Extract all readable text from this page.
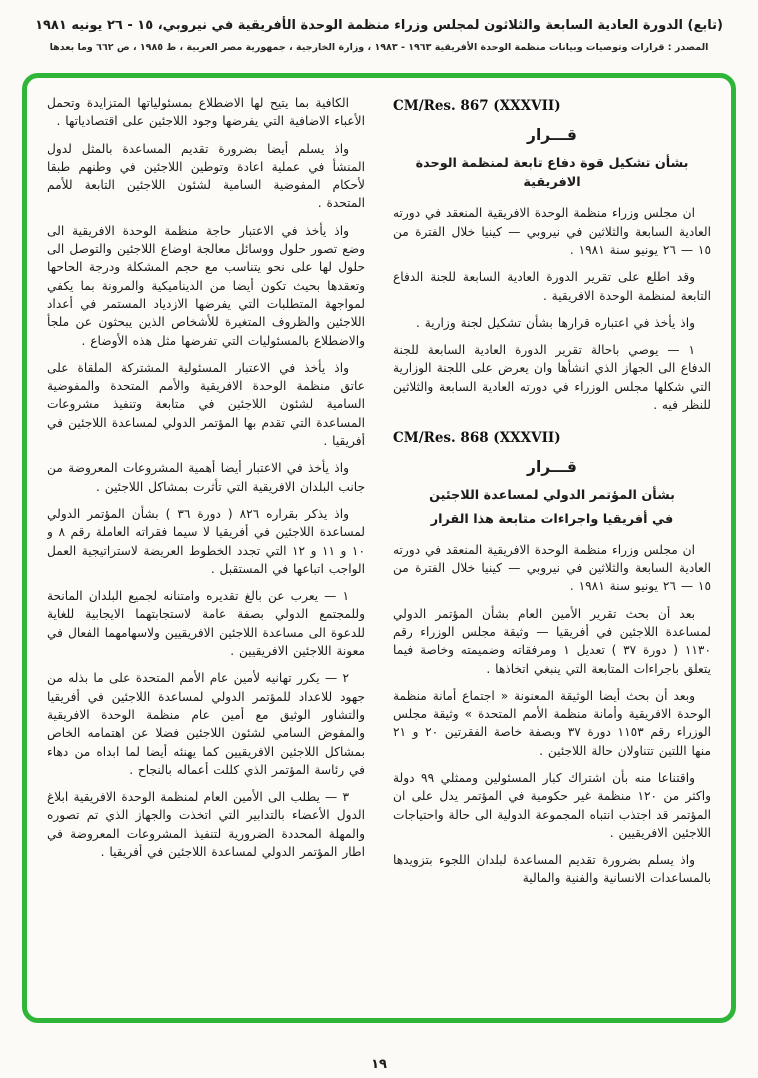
(تابع) الدورة العادية السابعة والثلاثون لمجلس وزراء منظمة الوحدة الأفريقية في نيروبي، ١٥ - ٢٦ يونيه ١٩٨١
المصدر : قرارات وتوصيات وبيانات منظمة الوحدة الأفريقية ١٩٦٣ - ١٩٨٣ ، وزارة الخارجية ، جمهورية مصر العربية ، ط ١٩٨٥ ، ص ٦٦٢ وما بعدها
CM/Res. 867 (XXXVII)
قـــرار
بشأن تشكيل قوة دفاع تابعة لمنظمة الوحدة الافريقية

ان مجلس وزراء منظمة الوحدة الافريقية المنعقد في دورته العادية السابعة والثلاثين في نيروبي — كينيا خلال الفترة من ١٥ — ٢٦ يونيو سنة ١٩٨١ .

وقد اطلع على تقرير الدورة العادية السابعة للجنة الدفاع التابعة لمنظمة الوحدة الافريقية .

واذ يأخذ في اعتباره قرارها بشأن تشكيل لجنة وزارية .

١ — يوصي باحالة تقرير الدورة العادية السابعة للجنة الدفاع الى الجهاز الذي انشأها وان يعرض على اللجنة الوزارية التي شكلها مجلس الوزراء في دورته العادية السابعة والثلاثين للنظر فيه .

CM/Res. 868 (XXXVII)
قـــرار
بشأن المؤتمر الدولي لمساعدة اللاجئين
في أفريقيا واجراءات متابعة هذا القرار

ان مجلس وزراء منظمة الوحدة الافريقية المنعقد في دورته العادية السابعة والثلاثين في نيروبي — كينيا خلال الفترة من ١٥ — ٢٦ يونيو سنة ١٩٨١ .

بعد أن بحث تقرير الأمين العام بشأن المؤتمر الدولي لمساعدة اللاجئين في أفريقيا — وثيقة مجلس الوزراء رقم ١١٣٠ ( دورة ٣٧ ) تعديل ١ ومرفقاته وضميمته وخاصة فيما يتعلق باجراءات المتابعة التي ينبغي اتخاذها .

وبعد أن بحث أيضا الوثيقة المعنونة « اجتماع أمانة منظمة الوحدة الافريقية وأمانة منظمة الأمم المتحدة » وثيقة مجلس الوزراء رقم ١١٥٣ دورة ٣٧ وبصفة خاصة الفقرتين ٢٠ و ٢١ منها اللتين تتناولان حالة اللاجئين .

واقتناعا منه بأن اشتراك كبار المسئولين وممثلي ٩٩ دولة واكثر من ١٢٠ منظمة غير حكومية في المؤتمر يدل على ان المؤتمر قد اجتذب انتباه المجموعة الدولية الى حالة واحتياجات اللاجئين الافريقيين .

واذ يسلم بضرورة تقديم المساعدة لبلدان اللجوء بتزويدها بالمساعدات الانسانية والفنية والمالية

الكافية بما يتيح لها الاضطلاع بمسئولياتها المتزايدة وتحمل الأعباء الاضافية التي يفرضها وجود اللاجئين على اقتصادياتها .

واذ يسلم أيضا بضرورة تقديم المساعدة بالمثل لدول المنشأ في عملية اعادة وتوطين اللاجئين في وطنهم طبقا لأحكام المفوضية السامية لشئون اللاجئين التابعة للأمم المتحدة .

واذ يأخذ في الاعتبار حاجة منظمة الوحدة الافريقية الى وضع تصور حلول ووسائل معالجة اوضاع اللاجئين والتوصل الى حلول لها على نحو يتناسب مع حجم المشكلة ودرجة الحاحها وتعقدها بحيث تكون أيضا من الديناميكية والمرونة بما يكفي لمواجهة المتطلبات التي يفرضها الازدياد المستمر في أعداد اللاجئين والظروف المتغيرة للأشخاص الذين يبحثون عن ملجأ والاضطلاع بالمسئوليات التي تفرضها مثل هذه الأوضاع .

واذ يأخذ في الاعتبار المسئولية المشتركة الملقاة على عاتق منظمة الوحدة الافريقية والأمم المتحدة والمفوضية السامية لشئون اللاجئين في متابعة وتنفيذ مشروعات المساعدة التي تقدم بها المؤتمر الدولي لمساعدة اللاجئين في أفريقيا .

واذ يأخذ في الاعتبار أيضا أهمية المشروعات المعروضة من جانب البلدان الافريقية التي تأثرت بمشاكل اللاجئين .

واذ يذكر بقراره ٨٢٦ ( دورة ٣٦ ) بشأن المؤتمر الدولي لمساعدة اللاجئين في أفريقيا لا سيما فقراته العاملة رقم ٨ و ١٠ و ١١ و ١٢ التي تجدد الخطوط العريضة لاستراتيجية العمل الواجب اتباعها في المستقبل .

١ — يعرب عن بالغ تقديره وامتنانه لجميع البلدان المانحة وللمجتمع الدولي بصفة عامة لاستجابتهما الايجابية للغاية للدعوة الى مساعدة اللاجئين الافريقيين ولاسهامهما الفعال في معونة اللاجئين الافريقيين .

٢ — يكرر تهانيه لأمين عام الأمم المتحدة على ما بذله من جهود للاعداد للمؤتمر الدولي لمساعدة اللاجئين في أفريقيا والتشاور الوثيق مع أمين عام منظمة الوحدة الافريقية والمفوض السامي لشئون اللاجئين فضلا عن اهتمامه الخاص بمشاكل اللاجئين الافريقيين كما يهنئه أيضا لما ابداه من دهاء في رئاسة المؤتمر الذي كللت أعماله بالنجاح .

٣ — يطلب الى الأمين العام لمنظمة الوحدة الافريقية ابلاغ الدول الأعضاء بالتدابير التي اتخذت والجهاز الذي تم تصوره والمهلة المحددة الضرورية لتنفيذ المشروعات المعروضة في اطار المؤتمر الدولي لمساعدة اللاجئين في أفريقيا .

١٩
